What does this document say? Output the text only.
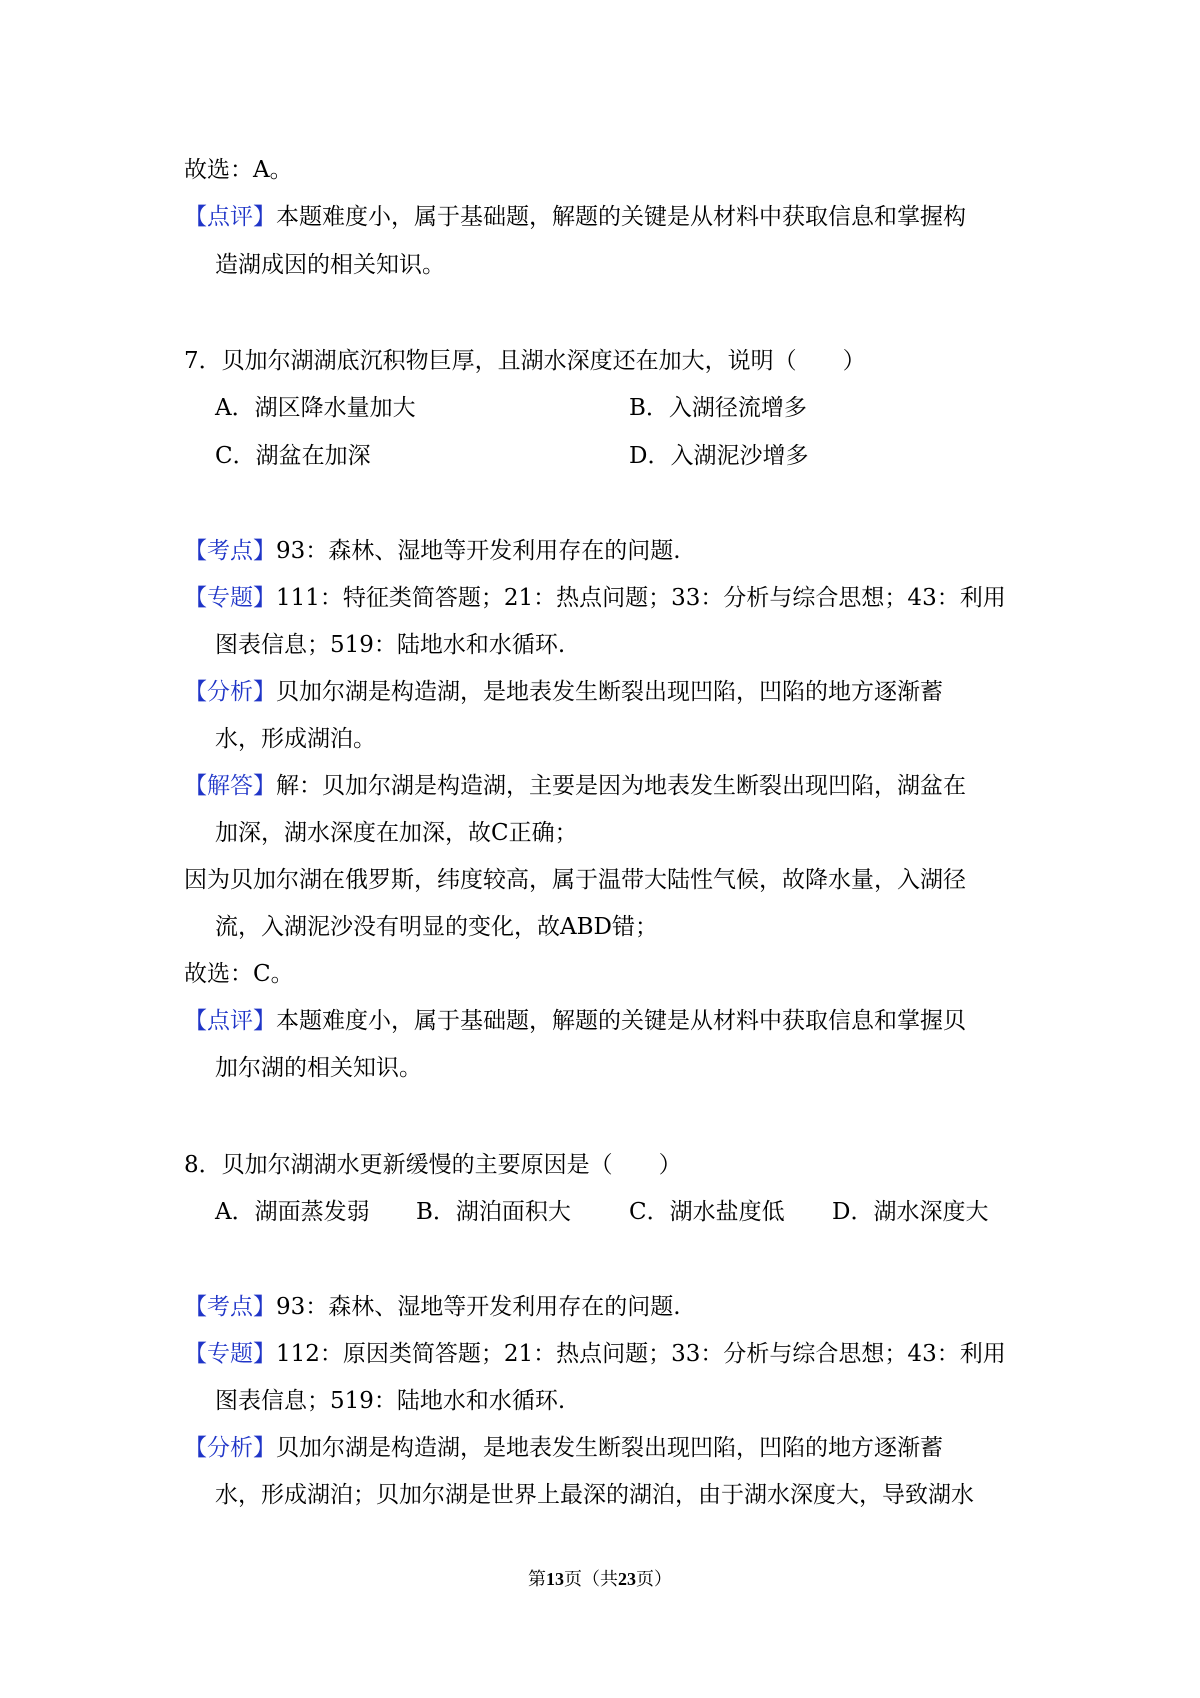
故选：A。
【点评】本题难度小，属于基础题，解题的关键是从材料中获取信息和掌握构
造湖成因的相关知识。
7．贝加尔湖湖底沉积物巨厚，且湖水深度还在加大，说明（　　）
A．湖区降水量加大	B．入湖径流增多
C．湖盆在加深	D．入湖泥沙增多
【考点】93：森林、湿地等开发利用存在的问题.
【专题】111：特征类简答题；21：热点问题；33：分析与综合思想；43：利用
图表信息；519：陆地水和水循环.
【分析】贝加尔湖是构造湖，是地表发生断裂出现凹陷，凹陷的地方逐渐蓄
水，形成湖泊。
【解答】解：贝加尔湖是构造湖，主要是因为地表发生断裂出现凹陷，湖盆在
加深，湖水深度在加深，故C正确；
因为贝加尔湖在俄罗斯，纬度较高，属于温带大陆性气候，故降水量，入湖径
流，入湖泥沙没有明显的变化，故ABD错；
故选：C。
【点评】本题难度小，属于基础题，解题的关键是从材料中获取信息和掌握贝
加尔湖的相关知识。
8．贝加尔湖湖水更新缓慢的主要原因是（　　）
A．湖面蒸发弱 B．湖泊面积大	C．湖水盐度低 D．湖水深度大
【考点】93：森林、湿地等开发利用存在的问题.
【专题】112：原因类简答题；21：热点问题；33：分析与综合思想；43：利用
图表信息；519：陆地水和水循环.
【分析】贝加尔湖是构造湖，是地表发生断裂出现凹陷，凹陷的地方逐渐蓄
水，形成湖泊；贝加尔湖是世界上最深的湖泊，由于湖水深度大，导致湖水
第13页（共23页）
